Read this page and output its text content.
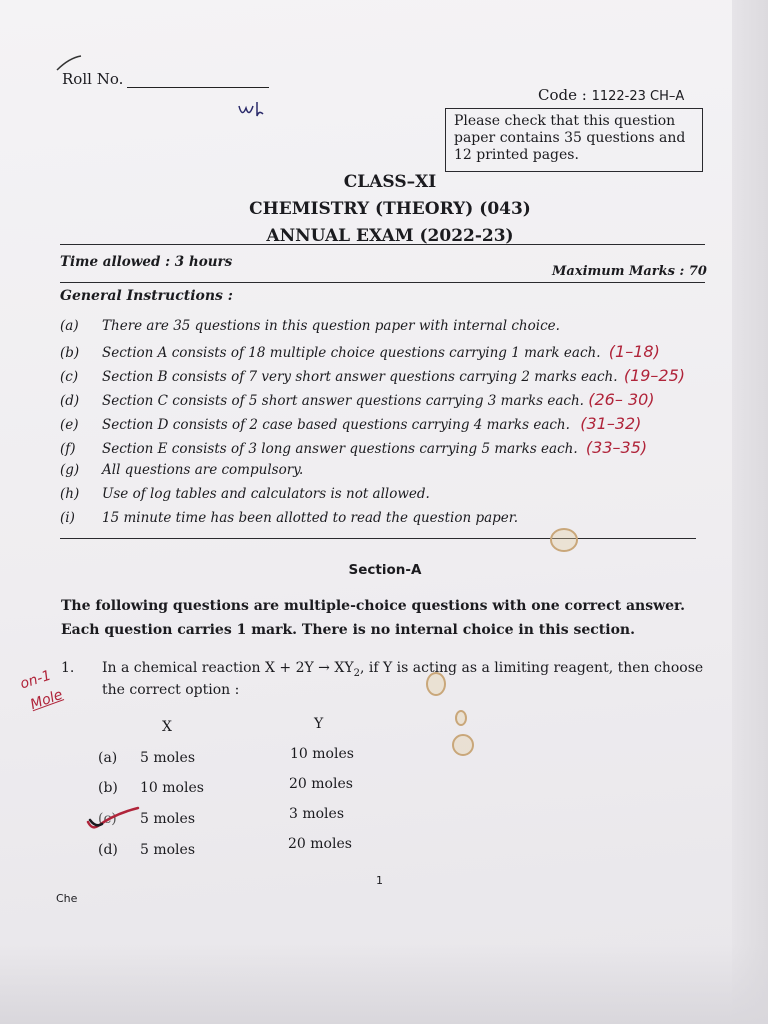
Roll No.
Code : 1122-23 CH–A
Please check that this question paper contains 35 questions and 12 printed pages.
CLASS–XI
CHEMISTRY (THEORY) (043)
ANNUAL EXAM (2022-23)
Time allowed : 3 hours
Maximum Marks : 70
General Instructions :
(a) There are 35 questions in this question paper with internal choice.
(b) Section A consists of 18 multiple choice questions carrying 1 mark each. (1–18)
(c) Section B consists of 7 very short answer questions carrying 2 marks each. (19–25)
(d) Section C consists of 5 short answer questions carrying 3 marks each. (26– 30)
(e) Section D consists of 2 case based questions carrying 4 marks each. (31–32)
(f) Section E consists of 3 long answer questions carrying 5 marks each. (33–35)
(g) All questions are compulsory.
(h) Use of log tables and calculators is not allowed.
(i) 15 minute time has been allotted to read the question paper.
Section-A
The following questions are multiple-choice questions with one correct answer.
Each question carries 1 mark. There is no internal choice in this section.
on-1
Mole
1. In a chemical reaction $X + 2Y \to XY_2$, if Y is acting as a limiting reagent, then choose
the correct option :
X	Y
(a) 5 moles	10 moles
(b) 10 moles	20 moles
(c) 5 moles	3 moles
(d) 5 moles	20 moles
1
Che
